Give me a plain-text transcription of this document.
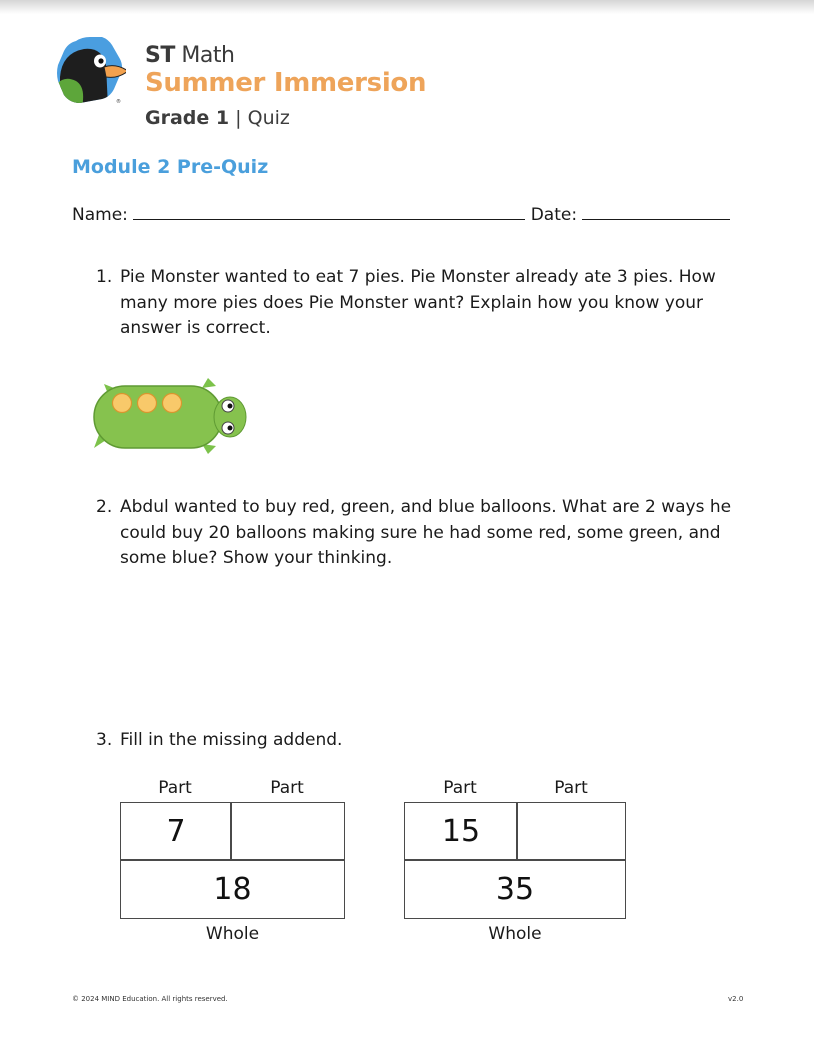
®
ST Math
Summer Immersion
Grade 1 | Quiz
Module 2 Pre-Quiz
Name:	Date:
1. Pie Monster wanted to eat 7 pies. Pie Monster already ate 3 pies. How many more pies does Pie Monster want? Explain how you know your answer is correct.
2. Abdul wanted to buy red, green, and blue balloons. What are 2 ways he could buy 20 balloons making sure he had some red, some green, and some blue? Show your thinking.
3. Fill in the missing addend.
Part	Part
7
18
Whole
Part	Part
15
35
Whole
© 2024 MIND Education. All rights reserved.	v2.0
